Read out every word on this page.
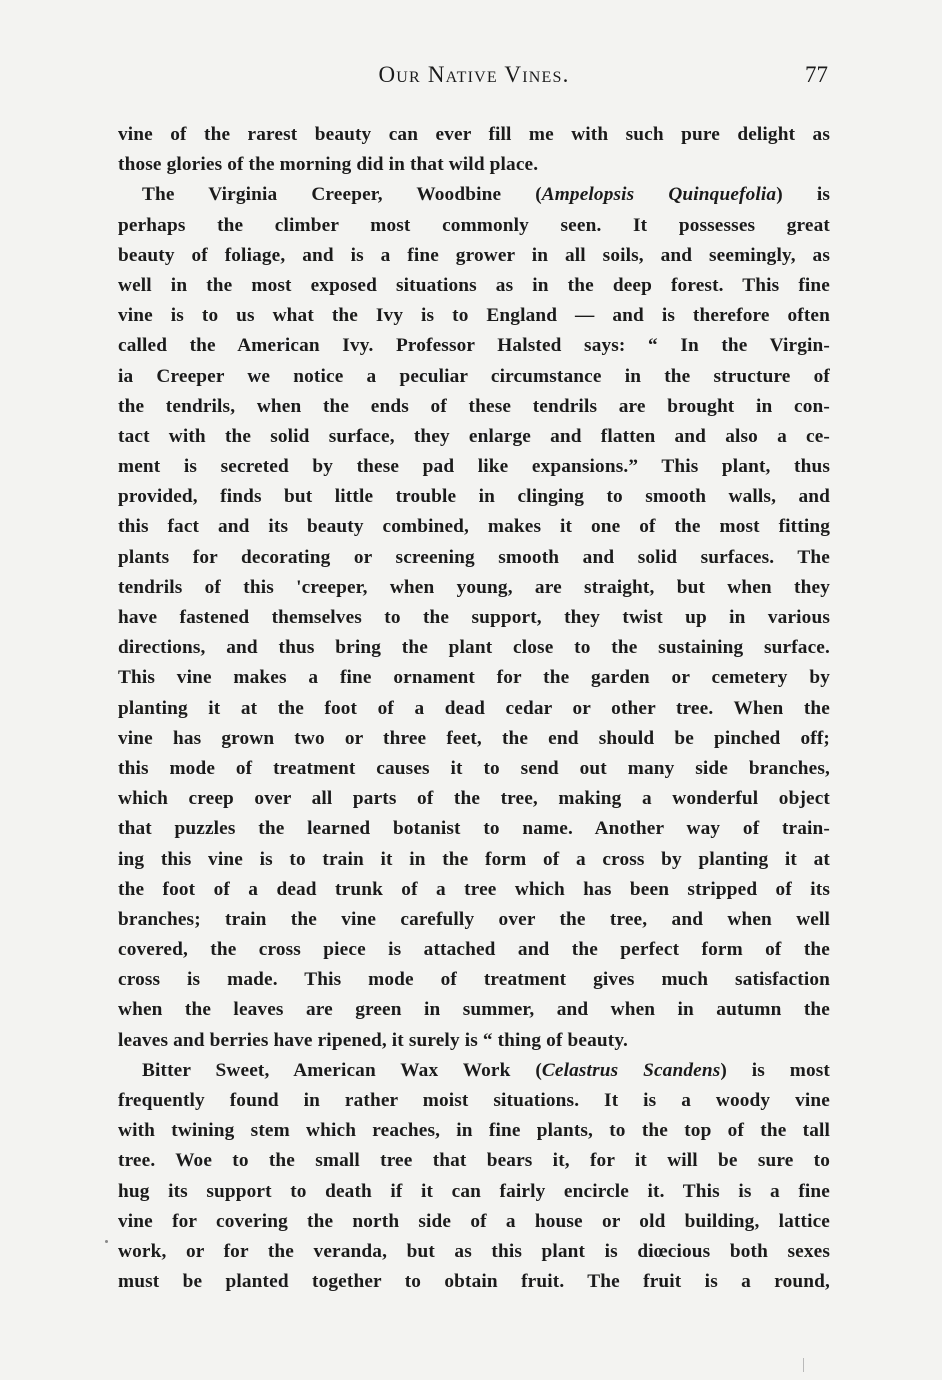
Our Native Vines.	77
vine of the rarest beauty can ever fill me with such pure delight as
those glories of the morning did in that wild place.
The Virginia Creeper, Woodbine (Ampelopsis Quinquefolia) is
perhaps the climber most commonly seen. It possesses great
beauty of foliage, and is a fine grower in all soils, and seemingly, as
well in the most exposed situations as in the deep forest. This fine
vine is to us what the Ivy is to England — and is therefore often
called the American Ivy. Professor Halsted says: “ In the Virgin-
ia Creeper we notice a peculiar circumstance in the structure of
the tendrils, when the ends of these tendrils are brought in con-
tact with the solid surface, they enlarge and flatten and also a ce-
ment is secreted by these pad like expansions.” This plant, thus
provided, finds but little trouble in clinging to smooth walls, and
this fact and its beauty combined, makes it one of the most fitting
plants for decorating or screening smooth and solid surfaces. The
tendrils of this 'creeper, when young, are straight, but when they
have fastened themselves to the support, they twist up in various
directions, and thus bring the plant close to the sustaining surface.
This vine makes a fine ornament for the garden or cemetery by
planting it at the foot of a dead cedar or other tree. When the
vine has grown two or three feet, the end should be pinched off;
this mode of treatment causes it to send out many side branches,
which creep over all parts of the tree, making a wonderful object
that puzzles the learned botanist to name. Another way of train-
ing this vine is to train it in the form of a cross by planting it at
the foot of a dead trunk of a tree which has been stripped of its
branches; train the vine carefully over the tree, and when well
covered, the cross piece is attached and the perfect form of the
cross is made. This mode of treatment gives much satisfaction
when the leaves are green in summer, and when in autumn the
leaves and berries have ripened, it surely is “ thing of beauty.
Bitter Sweet, American Wax Work (Celastrus Scandens) is most
frequently found in rather moist situations. It is a woody vine
with twining stem which reaches, in fine plants, to the top of the tall
tree. Woe to the small tree that bears it, for it will be sure to
hug its support to death if it can fairly encircle it. This is a fine
vine for covering the north side of a house or old building, lattice
work, or for the veranda, but as this plant is diœcious both sexes
must be planted together to obtain fruit. The fruit is a round,
